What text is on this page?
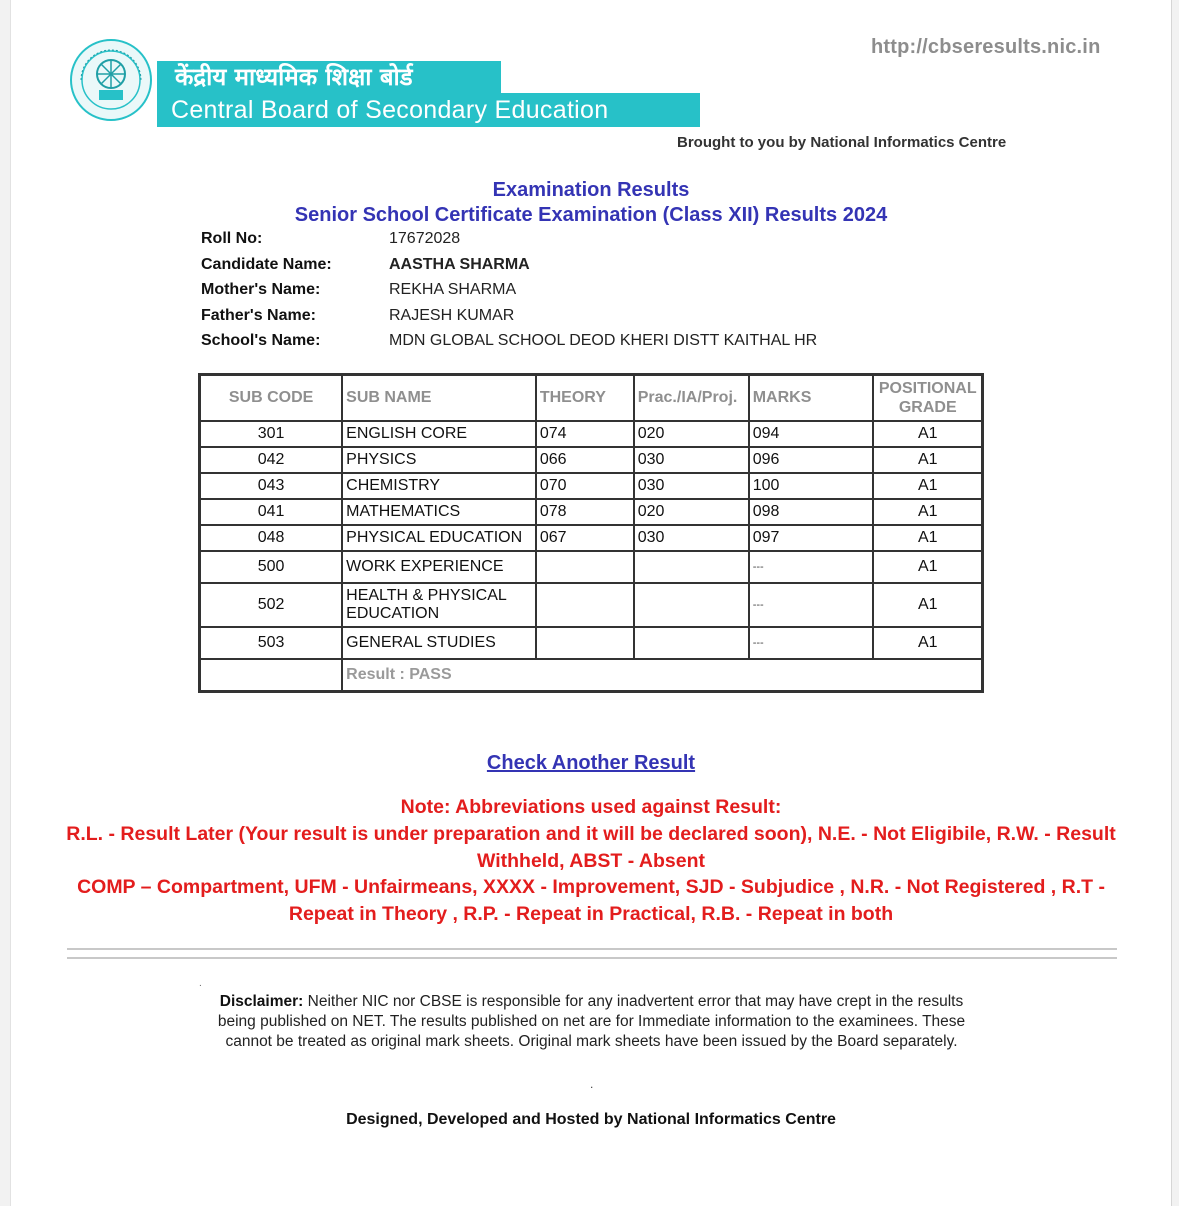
http://cbseresults.nic.in
केंद्रीय माध्यमिक शिक्षा बोर्ड
Central Board of Secondary Education
Brought to you by National Informatics Centre
Examination Results
Senior School Certificate Examination (Class XII) Results 2024
Roll No:	17672028
Candidate Name:	AASTHA SHARMA
Mother's Name:	REKHA SHARMA
Father's Name:	RAJESH KUMAR
School's Name:	MDN GLOBAL SCHOOL DEOD KHERI DISTT KAITHAL HR
SUB CODE	SUB NAME	THEORY	Prac./IA/Proj.	MARKS	POSITIONAL GRADE
301	ENGLISH CORE	074	020	094	A1
042	PHYSICS	066	030	096	A1
043	CHEMISTRY	070	030	100	A1
041	MATHEMATICS	078	020	098	A1
048	PHYSICAL EDUCATION	067	030	097	A1
500	WORK EXPERIENCE			---	A1
502	HEALTH & PHYSICAL EDUCATION			---	A1
503	GENERAL STUDIES			---	A1
	Result : PASS				
Check Another Result
Note: Abbreviations used against Result:
R.L. - Result Later (Your result is under preparation and it will be declared soon), N.E. - Not Eligibile, R.W. - Result Withheld, ABST - Absent
COMP – Compartment, UFM - Unfairmeans, XXXX - Improvement, SJD - Subjudice , N.R. - Not Registered , R.T - Repeat in Theory , R.P. - Repeat in Practical, R.B. - Repeat in both
.
Disclaimer: Neither NIC nor CBSE is responsible for any inadvertent error that may have crept in the results being published on NET. The results published on net are for Immediate information to the examinees. These cannot be treated as original mark sheets. Original mark sheets have been issued by the Board separately.
.
Designed, Developed and Hosted by National Informatics Centre
